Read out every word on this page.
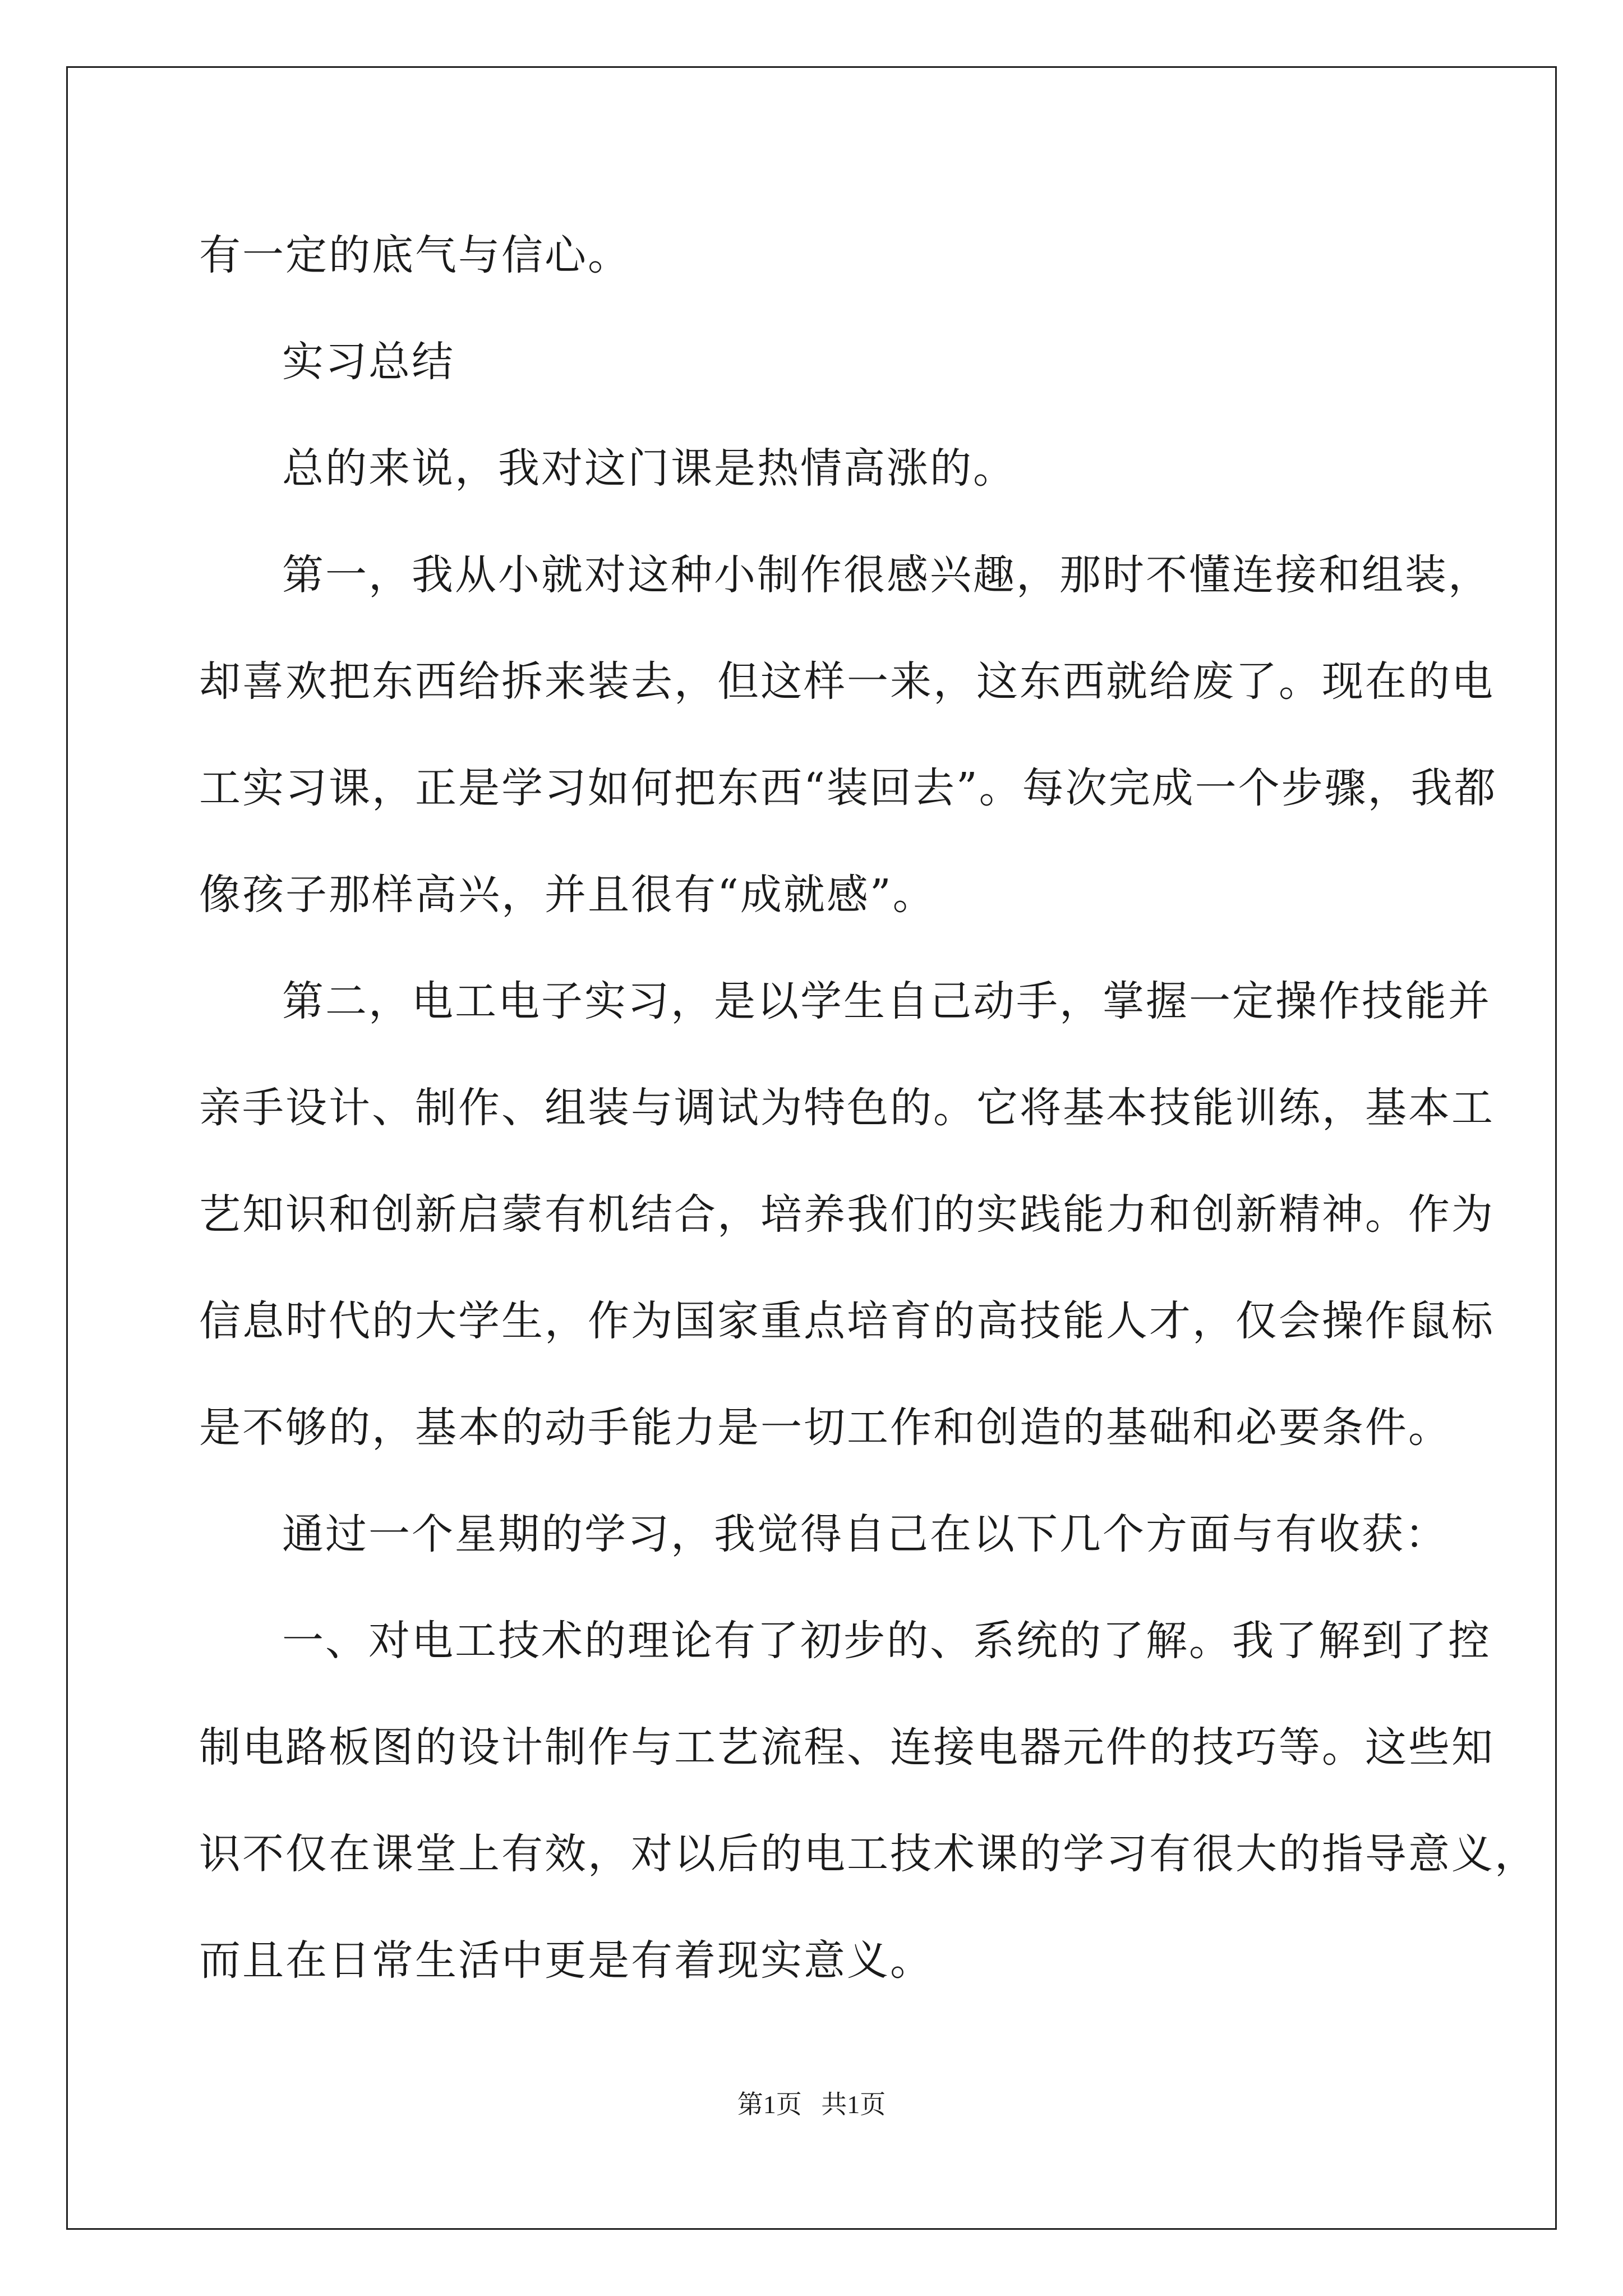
有一定的底气与信心。
实习总结
总的来说，我对这门课是热情高涨的。
第一，我从小就对这种小制作很感兴趣，那时不懂连接和组装，
却喜欢把东西给拆来装去，但这样一来，这东西就给废了。现在的电
工实习课，正是学习如何把东西“装回去”。每次完成一个步骤，我都
像孩子那样高兴，并且很有“成就感”。
第二，电工电子实习，是以学生自己动手，掌握一定操作技能并
亲手设计、制作、组装与调试为特色的。它将基本技能训练，基本工
艺知识和创新启蒙有机结合，培养我们的实践能力和创新精神。作为
信息时代的大学生，作为国家重点培育的高技能人才，仅会操作鼠标
是不够的，基本的动手能力是一切工作和创造的基础和必要条件。
通过一个星期的学习，我觉得自己在以下几个方面与有收获：
一、对电工技术的理论有了初步的、系统的了解。我了解到了控
制电路板图的设计制作与工艺流程、连接电器元件的技巧等。这些知
识不仅在课堂上有效，对以后的电工技术课的学习有很大的指导意义，
而且在日常生活中更是有着现实意义。
第1页   共1页
